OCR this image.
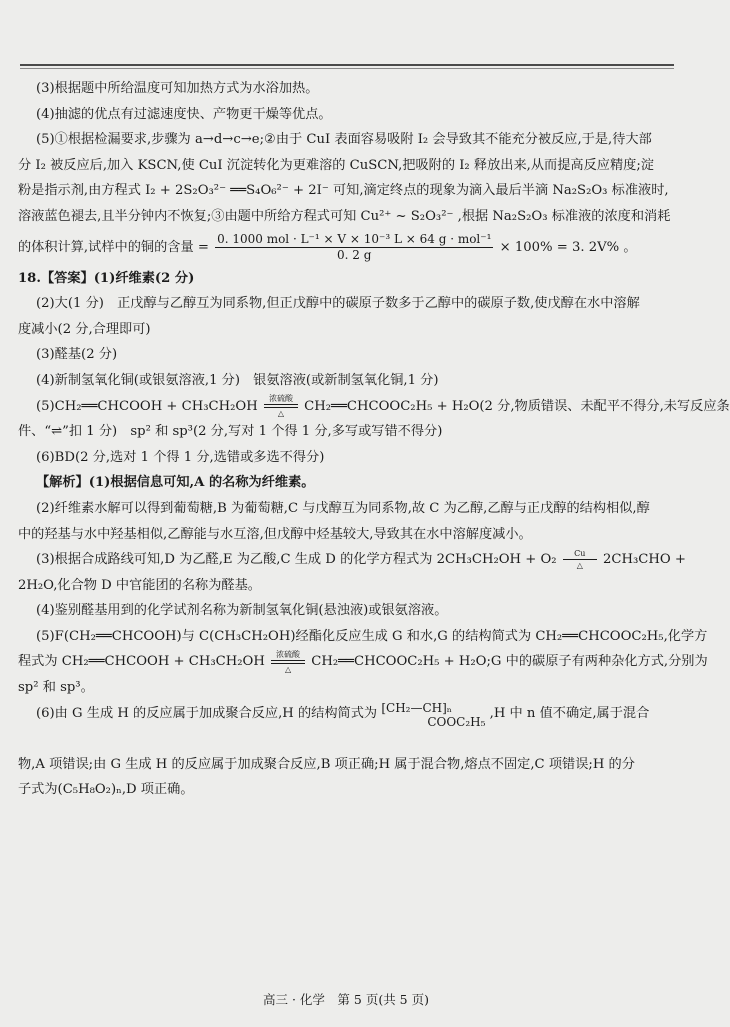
(3)根据题中所给温度可知加热方式为水浴加热。
(4)抽滤的优点有过滤速度快、产物更干燥等优点。
(5)①根据检漏要求,步骤为 a→d→c→e;②由于 CuI 表面容易吸附 I₂ 会导致其不能充分被反应,于是,待大部
分 I₂ 被反应后,加入 KSCN,使 CuI 沉淀转化为更难溶的 CuSCN,把吸附的 I₂ 释放出来,从而提高反应精度;淀
粉是指示剂,由方程式 I₂ + 2S₂O₃²⁻ ══S₄O₆²⁻ + 2I⁻ 可知,滴定终点的现象为滴入最后半滴 Na₂S₂O₃ 标准液时,
溶液蓝色褪去,且半分钟内不恢复;③由题中所给方程式可知 Cu²⁺ ~ S₂O₃²⁻ ,根据 Na₂S₂O₃ 标准液的浓度和消耗
的体积计算,试样中的铜的含量 = $\frac{\text{0. 1000 mol · L⁻¹ × V × 10⁻³ L × 64 g · mol⁻¹}}{0. 2 g} \times 100\% = 3$. 2V% 。
18.【答案】(1)纤维素(2 分)
(2)大(1 分)　正戊醇与乙醇互为同系物,但正戊醇中的碳原子数多于乙醇中的碳原子数,使戊醇在水中溶解
度减小(2 分,合理即可)
(3)醛基(2 分)
(4)新制氢氧化铜(或银氨溶液,1 分)　银氨溶液(或新制氢氧化铜,1 分)
(5)CH₂══CHCOOH + CH₃CH₂OH	浓硫酸
△	CH₂══CHCOOC₂H₅ + H₂O(2 分,物质错误、未配平不得分,未写反应条
件、“⇌”扣 1 分)　sp² 和 sp³(2 分,写对 1 个得 1 分,多写或写错不得分)
(6)BD(2 分,选对 1 个得 1 分,选错或多选不得分)
【解析】(1)根据信息可知,A 的名称为纤维素。
(2)纤维素水解可以得到葡萄糖,B 为葡萄糖,C 与戊醇互为同系物,故 C 为乙醇,乙醇与正戊醇的结构相似,醇
中的羟基与水中羟基相似,乙醇能与水互溶,但戊醇中烃基较大,导致其在水中溶解度减小。
(3)根据合成路线可知,D 为乙醛,E 为乙酸,C 生成 D 的化学方程式为 2CH₃CH₂OH + O₂	Cu
△	2CH₃CHO +
2H₂O,化合物 D 中官能团的名称为醛基。
(4)鉴别醛基用到的化学试剂名称为新制氢氧化铜(悬浊液)或银氨溶液。
(5)F(CH₂══CHCOOH)与 C(CH₃CH₂OH)经酯化反应生成 G 和水,G 的结构简式为 CH₂══CHCOOC₂H₅,化学方
程式为 CH₂══CHCOOH + CH₃CH₂OH	浓硫酸
△	CH₂══CHCOOC₂H₅ + H₂O;G 中的碳原子有两种杂化方式,分别为
sp² 和 sp³。
(6)由 G 生成 H 的反应属于加成聚合反应,H 的结构简式为 [CH₂—CH]ₙ
COOC₂H₅
,H 中 n 值不确定,属于混合
物,A 项错误;由 G 生成 H 的反应属于加成聚合反应,B 项正确;H 属于混合物,熔点不固定,C 项错误;H 的分
子式为(C₅H₈O₂)ₙ,D 项正确。
高三 · 化学　第 5 页(共 5 页)
